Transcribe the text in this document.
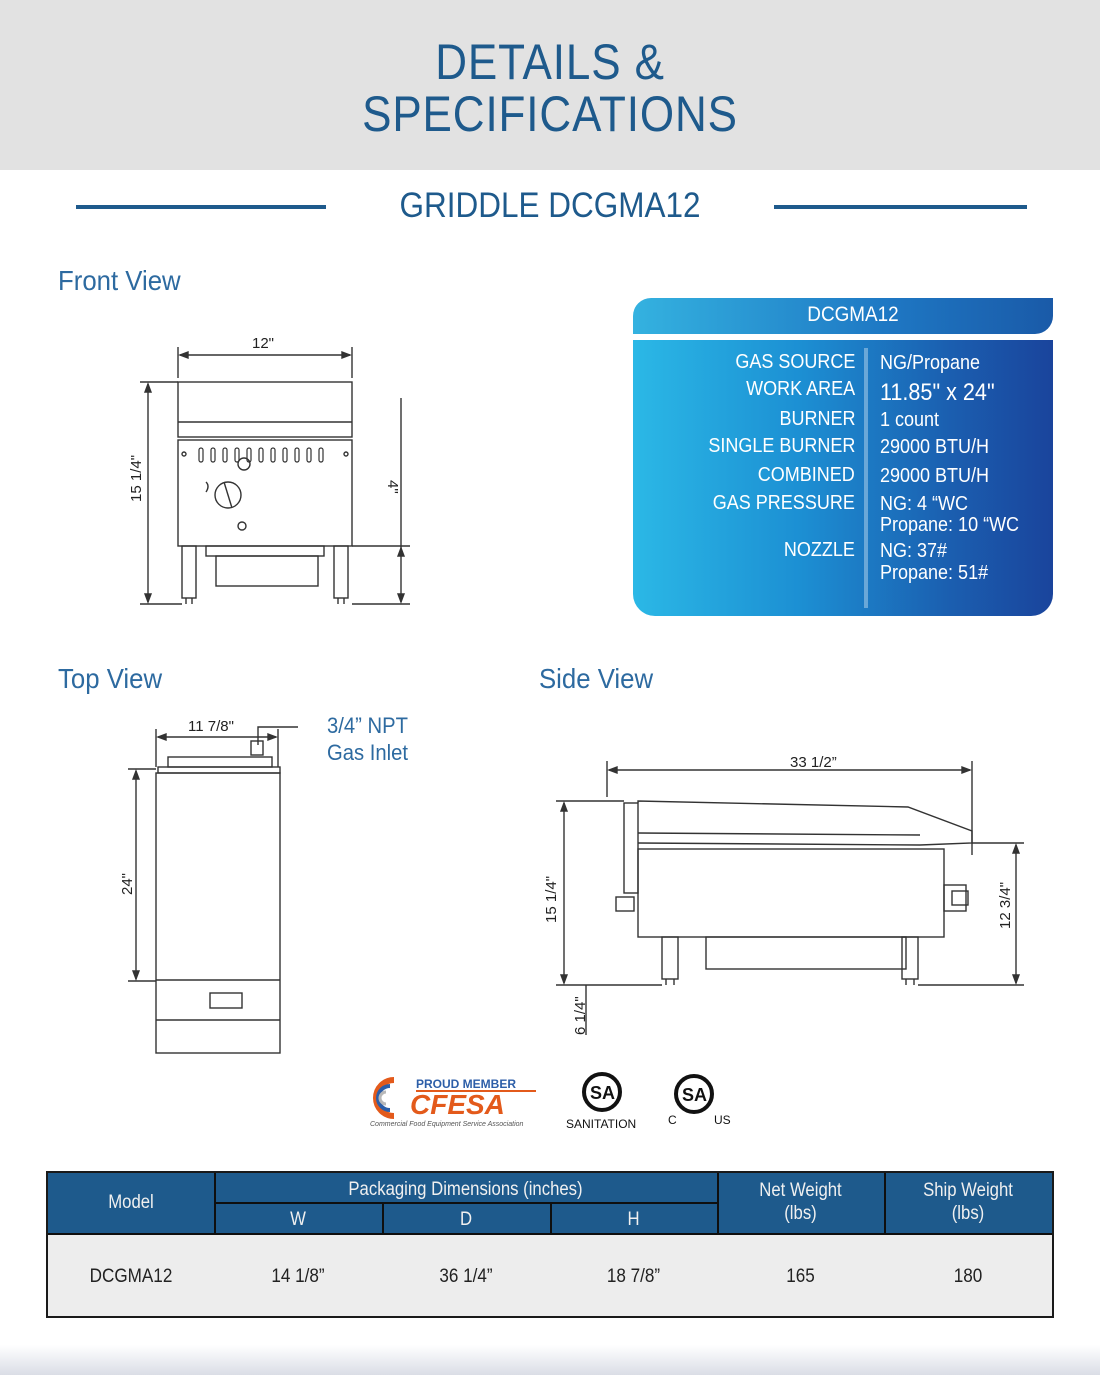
DETAILS &
SPECIFICATIONS
GRIDDLE DCGMA12
Front View
Top View	Side View
12"
15 1/4"	4"
DCGMA12
GAS SOURCE NG/Propane
WORK AREA 11.85" x 24"
BURNER 1 count
SINGLE BURNER 29000 BTU/H
COMBINED 29000 BTU/H
GAS PRESSURE NG: 4 “WC
Propane: 10 “WC
NOZZLE NG: 37#
Propane: 51#
11 7/8"
24"
3/4” NPT
Gas Inlet	33 1/2”
15 1/4"
6 1/4"
12 3/4"
PROUD MEMBER
CFESA
Commercial Food Equipment Service Association
SA
SANITATION
SA
C	US
Model
Packaging Dimensions (inches)
W	D	H
Net Weight
(lbs)
Ship Weight
(lbs)
DCGMA12	14 1/8”	36 1/4”	18 7/8”	165	180
